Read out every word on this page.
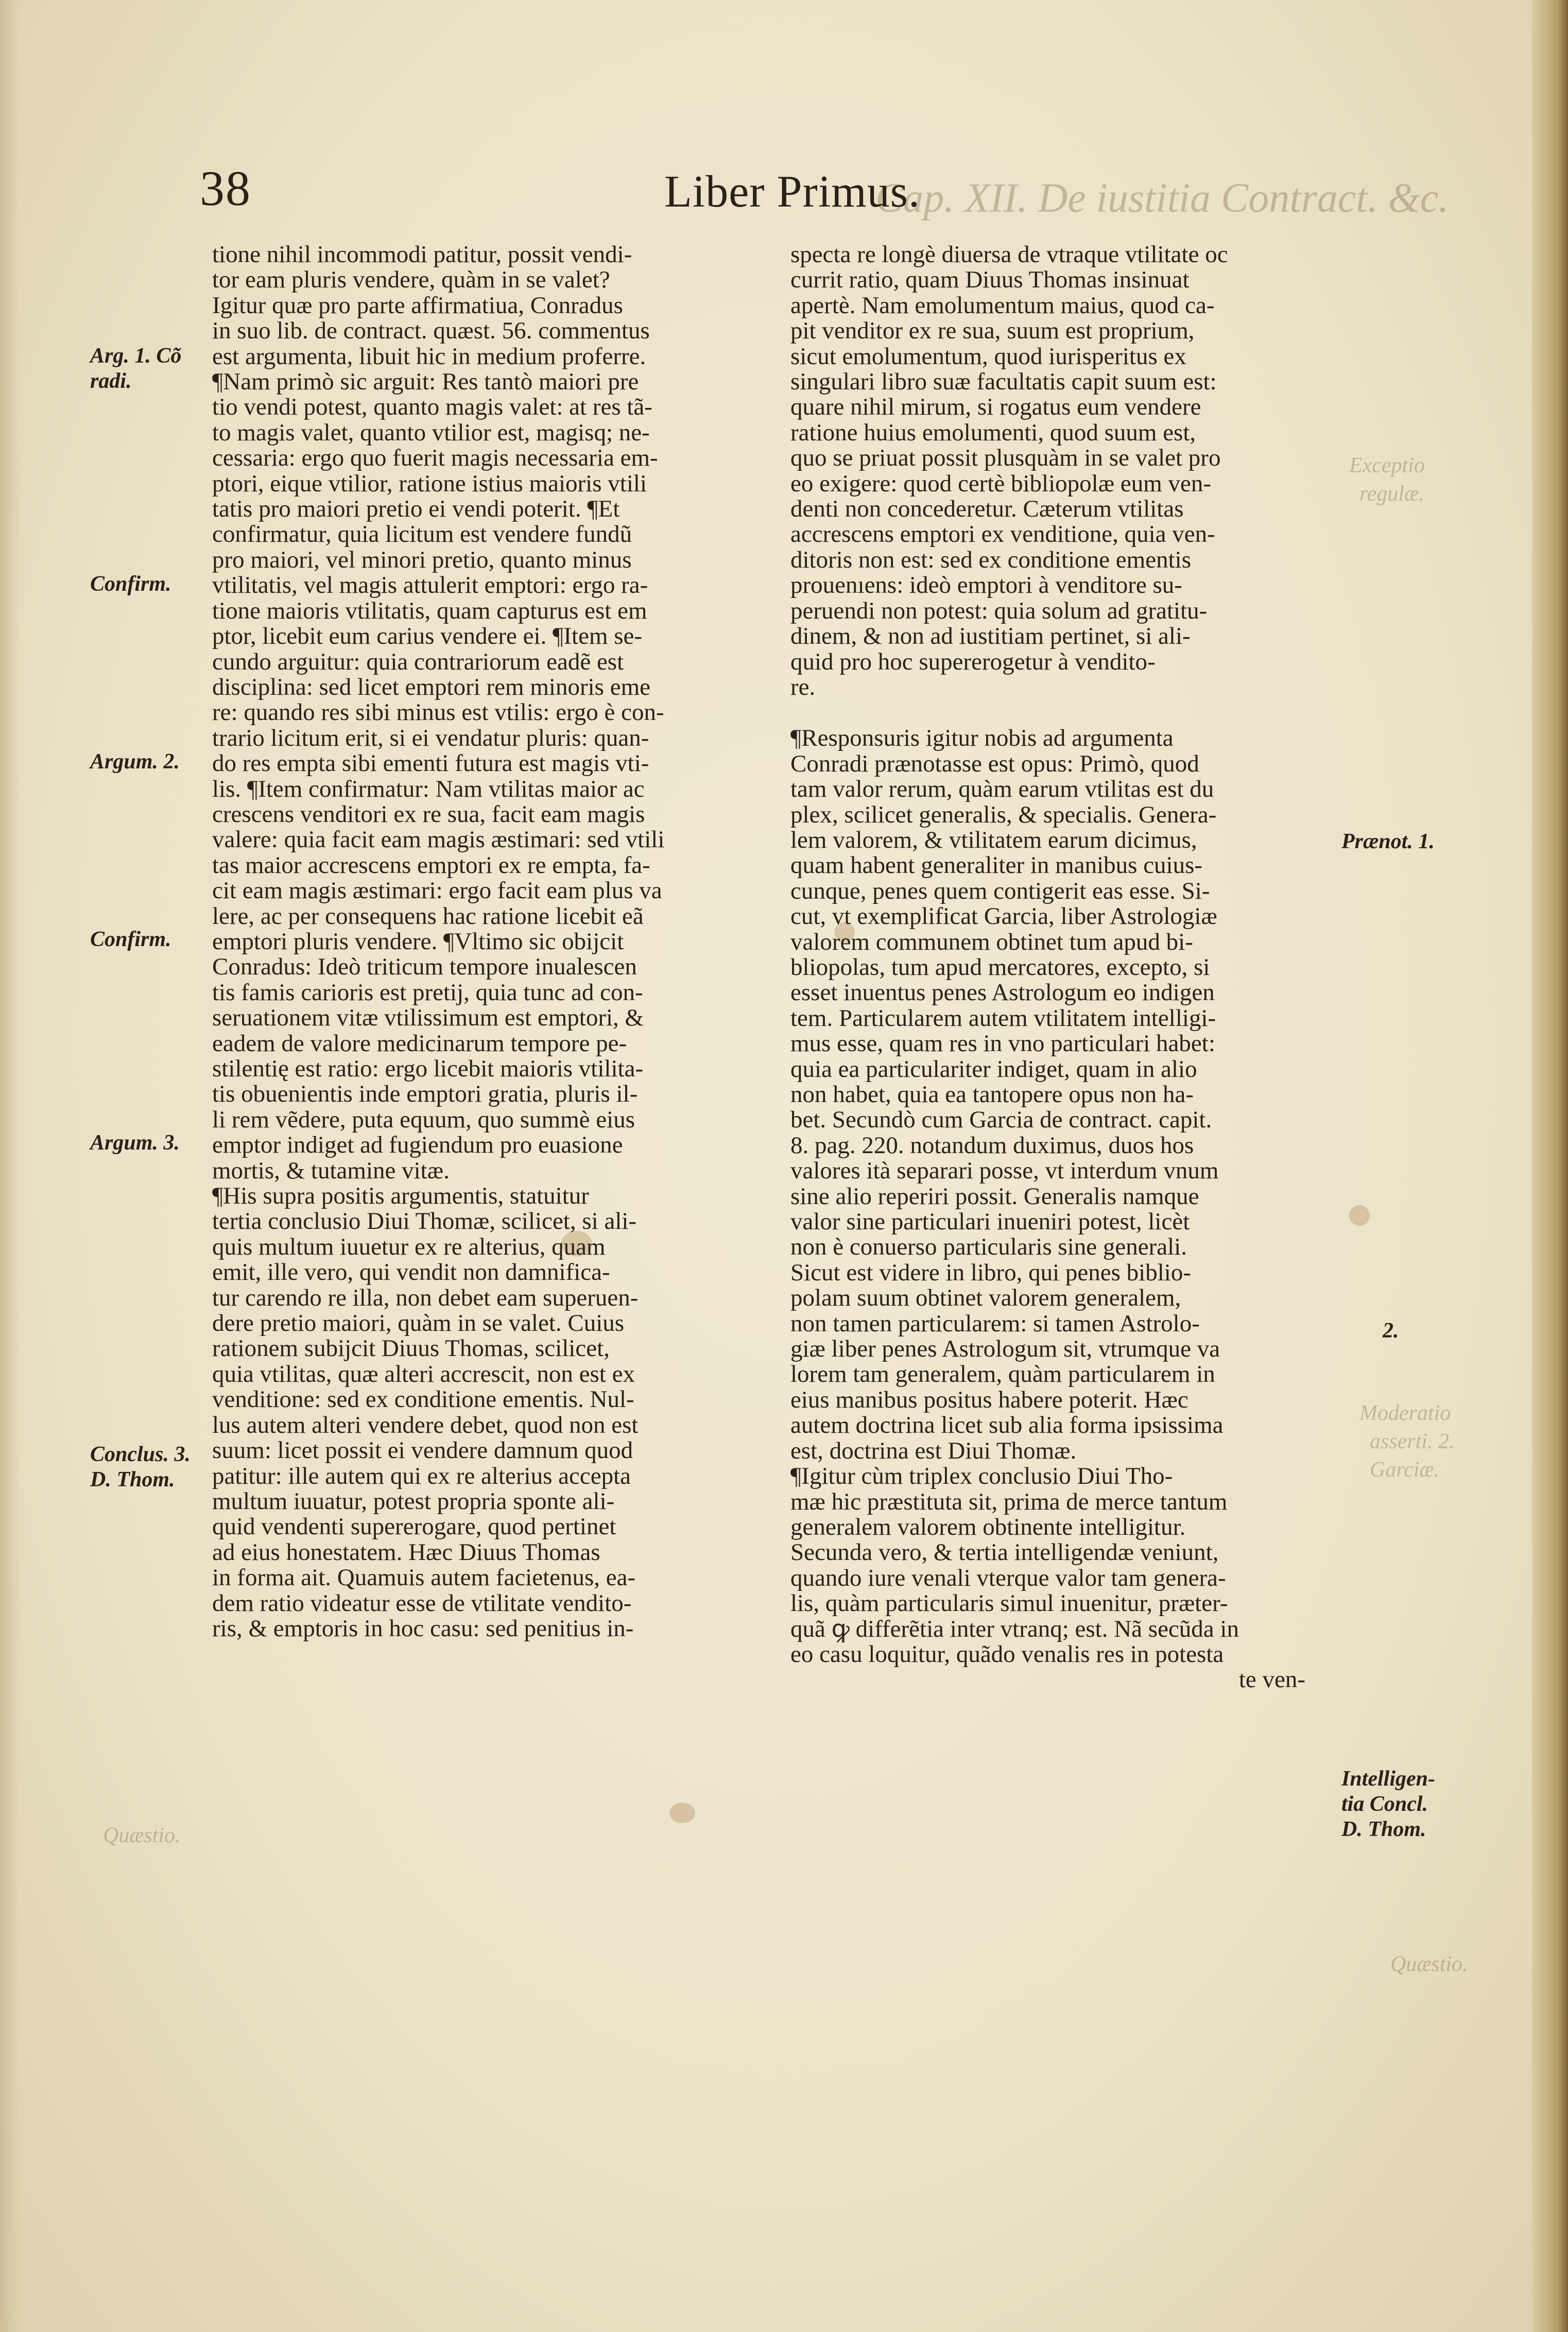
Exceptio
regulæ.
Moderatio
asserti. 2.
Garciæ.
Quæstio.
Quæstio.
Cap. XII. De iustitia Contract. &c.
38	Liber Primus.

tione nihil incommodi patitur, possit vendi-

tor eam pluris vendere, quàm in se valet?

Igitur quæ pro parte affirmatiua, Conradus

in suo lib. de contract. quæst. 56. commentus

est argumenta, libuit hic in medium proferre.

¶Nam primò sic arguit: Res tantò maiori pre

tio vendi potest, quanto magis valet: at res tã-

to magis valet, quanto vtilior est, magisq; ne-

cessaria: ergo quo fuerit magis necessaria em-

ptori, eique vtilior, ratione istius maioris vtili

tatis pro maiori pretio ei vendi poterit. ¶Et

confirmatur, quia licitum est vendere fundũ

pro maiori, vel minori pretio, quanto minus

vtilitatis, vel magis attulerit emptori: ergo ra-

tione maioris vtilitatis, quam capturus est em

ptor, licebit eum carius vendere ei. ¶Item se-

cundo arguitur: quia contrariorum eadẽ est

disciplina: sed licet emptori rem minoris eme

re: quando res sibi minus est vtilis: ergo è con-

trario licitum erit, si ei vendatur pluris: quan-

do res empta sibi ementi futura est magis vti-

lis. ¶Item confirmatur: Nam vtilitas maior ac

crescens venditori ex re sua, facit eam magis

valere: quia facit eam magis æstimari: sed vtili

tas maior accrescens emptori ex re empta, fa-

cit eam magis æstimari: ergo facit eam plus va

lere, ac per consequens hac ratione licebit eã

emptori pluris vendere. ¶Vltimo sic obijcit

Conradus: Ideò triticum tempore inualescen

tis famis carioris est pretij, quia tunc ad con-

seruationem vitæ vtilissimum est emptori, &

eadem de valore medicinarum tempore pe-

stilentię est ratio: ergo licebit maioris vtilita-

tis obuenientis inde emptori gratia, pluris il-

li rem vẽdere, puta equum, quo summè eius

emptor indiget ad fugiendum pro euasione

mortis, & tutamine vitæ.

¶His supra positis argumentis, statuitur

tertia conclusio Diui Thomæ, scilicet, si ali-

quis multum iuuetur ex re alterius, quam

emit, ille vero, qui vendit non damnifica-

tur carendo re illa, non debet eam superuen-

dere pretio maiori, quàm in se valet. Cuius

rationem subijcit Diuus Thomas, scilicet,

quia vtilitas, quæ alteri accrescit, non est ex

venditione: sed ex conditione ementis. Nul-

lus autem alteri vendere debet, quod non est

suum: licet possit ei vendere damnum quod

patitur: ille autem qui ex re alterius accepta

multum iuuatur, potest propria sponte ali-

quid vendenti supererogare, quod pertinet

ad eius honestatem. Hæc Diuus Thomas

in forma ait. Quamuis autem facietenus, ea-

dem ratio videatur esse de vtilitate vendito-

ris, & emptoris in hoc casu: sed penitius in-

specta re longè diuersa de vtraque vtilitate oc

currit ratio, quam Diuus Thomas insinuat

apertè. Nam emolumentum maius, quod ca-

pit venditor ex re sua, suum est proprium,

sicut emolumentum, quod iurisperitus ex

singulari libro suæ facultatis capit suum est:

quare nihil mirum, si rogatus eum vendere

ratione huius emolumenti, quod suum est,

quo se priuat possit plusquàm in se valet pro

eo exigere: quod certè bibliopolæ eum ven-

denti non concederetur. Cæterum vtilitas

accrescens emptori ex venditione, quia ven-

ditoris non est: sed ex conditione ementis

prouenıens: ideò emptori à venditore su-

peruendi non potest: quia solum ad gratitu-

dinem, & non ad iustitiam pertinet, si ali-

quid pro hoc supererogetur à vendito-

re.

¶Responsuris igitur nobis ad argumenta

Conradi prænotasse est opus: Primò, quod

tam valor rerum, quàm earum vtilitas est du

plex, scilicet generalis, & specialis. Genera-

lem valorem, & vtilitatem earum dicimus,

quam habent generaliter in manibus cuius-

cunque, penes quem contigerit eas esse. Si-

cut, vt exemplificat Garcia, liber Astrologiæ

valorem communem obtinet tum apud bi-

bliopolas, tum apud mercatores, excepto, si

esset inuentus penes Astrologum eo indigen

tem. Particularem autem vtilitatem intelligi-

mus esse, quam res in vno particulari habet:

quia ea particulariter indiget, quam in alio

non habet, quia ea tantopere opus non ha-

bet. Secundò cum Garcia de contract. capit.

8. pag. 220. notandum duximus, duos hos

valores ità separari posse, vt interdum vnum

sine alio reperiri possit. Generalis namque

valor sine particulari inueniri potest, licèt

non è conuerso particularis sine generali.

Sicut est videre in libro, qui penes biblio-

polam suum obtinet valorem generalem,

non tamen particularem: si tamen Astrolo-

giæ liber penes Astrologum sit, vtrumque va

lorem tam generalem, quàm particularem in

eius manibus positus habere poterit. Hæc

autem doctrina licet sub alia forma ipsissima

est, doctrina est Diui Thomæ.

¶Igitur cùm triplex conclusio Diui Tho-

mæ hic præstituta sit, prima de merce tantum

generalem valorem obtinente intelligitur.

Secunda vero, & tertia intelligendæ veniunt,

quando iure venali vterque valor tam genera-

lis, quàm particularis simul inuenitur, præter-

quã ꝙ differẽtia inter vtranq; est. Nã secũda in

eo casu loquitur, quãdo venalis res in potesta

te ven-

Arg. 1. Cõ
radi.
Confirm.
Argum. 2.
Confirm.
Argum. 3.
Conclus. 3.
D. Thom.
Prænot. 1.
2.
Intelligen-
tia Concl.
D. Thom.
